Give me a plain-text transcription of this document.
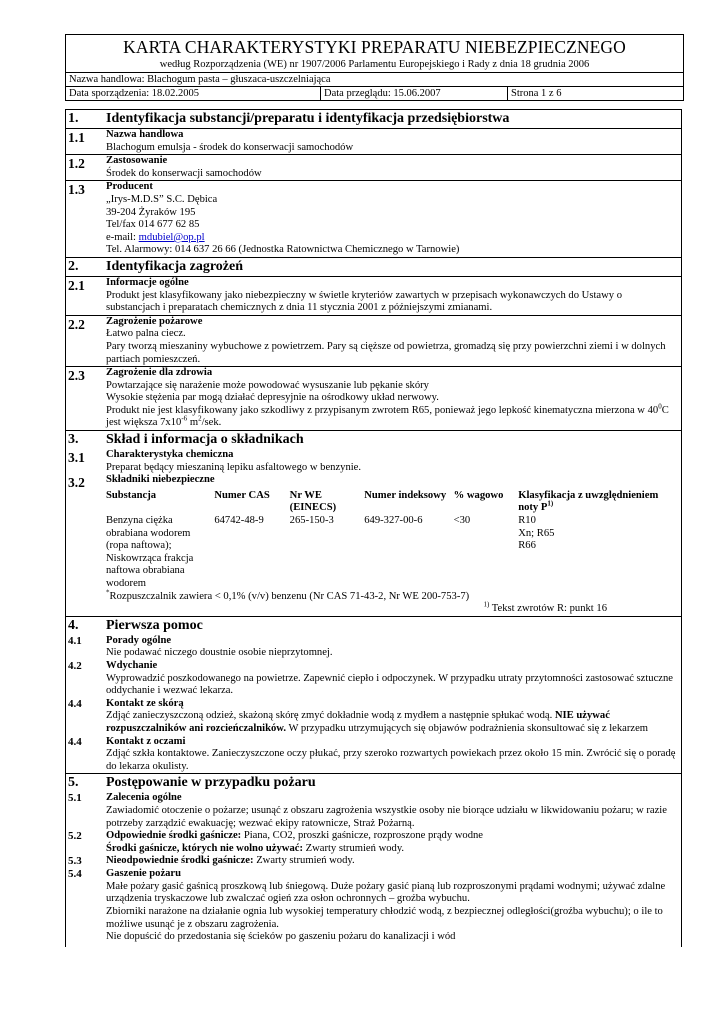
KARTA CHARAKTERYSTYKI PREPARATU NIEBEZPIECZNEGO
według Rozporządzenia (WE) nr 1907/2006 Parlamentu Europejskiego i Rady z dnia 18 grudnia 2006
Nazwa handlowa: Blachogum pasta – głuszaca-uszczelniająca
Data sporządzenia: 18.02.2005	Data przeglądu: 15.06.2007	Strona 1 z 6
1.	Identyfikacja substancji/preparatu i identyfikacja przedsiębiorstwa
1.1	Nazwa handlowa

Blachogum emulsja - środek do konserwacji samochodów

1.2	Zastosowanie

Środek do konserwacji samochodów

1.3	Producent

„Irys-M.D.S” S.C. Dębica

39-204 Żyraków 195

Tel/fax 014 677 62 85

e-mail: mdubiel@op.pl

Tel. Alarmowy: 014 637 26 66 (Jednostka Ratownictwa Chemicznego w Tarnowie)

2.	Identyfikacja zagrożeń
2.1	Informacje ogólne

Produkt jest klasyfikowany jako niebezpieczny w świetle kryteriów zawartych w przepisach wykonawczych do Ustawy o substancjach i preparatach chemicznych z dnia 11 stycznia 2001 z późniejszymi zmianami.

2.2	Zagrożenie pożarowe

Łatwo palna ciecz.

Pary tworzą mieszaniny wybuchowe z powietrzem. Pary są cięższe od powietrza, gromadzą się przy powierzchni ziemi i w dolnych partiach pomieszczeń.

2.3	Zagrożenie dla zdrowia

Powtarzające się narażenie może powodować wysuszanie lub pękanie skóry

Wysokie stężenia par mogą działać depresyjnie na ośrodkowy układ nerwowy.

Produkt nie jest klasyfikowany jako szkodliwy z przypisanym zwrotem R65, ponieważ jego lepkość kinematyczna mierzona w $40^0C$ jest większa $7x10^{-6}$ $m^2$/sek.

3.	Skład i informacja o składnikach
3.1	Charakterystyka chemiczna

Preparat będący mieszaniną lepiku asfaltowego w benzynie.

3.2	Składniki niebezpieczne

Substancja	Numer CAS	Nr WE (EINECS)	Numer indeksowy	% wagowo	Klasyfikacja z uwzględnieniem noty $P^{1)}$
Benzyna ciężka obrabiana wodorem (ropa naftowa); Niskowrząca frakcja naftowa obrabiana wodorem	64742-48-9	265-150-3	649-327-00-6	<30	R10
Xn; R65
R66

*Rozpuszczalnik zawiera < 0,1% (v/v) benzenu (Nr CAS 71-43-2, Nr WE 200-753-7)

$^{1)}$ Tekst zwrotów R: punkt 16

4.	Pierwsza pomoc
4.1	Porady ogólne

Nie podawać niczego doustnie osobie nieprzytomnej.

4.2	Wdychanie

Wyprowadzić poszkodowanego na powietrze. Zapewnić ciepło i odpoczynek. W przypadku utraty przytomności zastosować sztuczne oddychanie i wezwać lekarza.

4.4	Kontakt ze skórą

Zdjąć zanieczyszczoną odzież, skażoną skórę zmyć dokładnie wodą z mydłem a następnie spłukać wodą. NIE używać rozpuszczalników ani rozcieńczalników. W przypadku utrzymujących się objawów podrażnienia skonsultować się z lekarzem

4.4	Kontakt z oczami

Zdjąć szkła kontaktowe. Zanieczyszczone oczy płukać, przy szeroko rozwartych powiekach przez około 15 min. Zwrócić się o poradę do lekarza okulisty.

5.	Postępowanie w przypadku pożaru
5.1	Zalecenia ogólne

Zawiadomić otoczenie o pożarze; usunąć z obszaru zagrożenia wszystkie osoby nie biorące udziału w likwidowaniu pożaru; w razie potrzeby zarządzić ewakuację; wezwać ekipy ratownicze, Straż Pożarną.

5.2	Odpowiednie środki gaśnicze: Piana, CO2, proszki gaśnicze, rozproszone prądy wodne

Środki gaśnicze, których nie wolno używać: Zwarty strumień wody.

5.3	Nieodpowiednie środki gaśnicze: Zwarty strumień wody.

5.4	Gaszenie pożaru

Małe pożary gasić gaśnicą proszkową lub śniegową. Duże pożary gasić pianą lub rozproszonymi prądami wodnymi; używać zdalne urządzenia tryskaczowe lub zwalczać ogień zza osłon ochronnych – groźba wybuchu.

Zbiorniki narażone na działanie ognia lub wysokiej temperatury chłodzić wodą, z bezpiecznej odległości(groźba wybuchu); o ile to możliwe usunąć je z obszaru zagrożenia.

Nie dopuścić do przedostania się ścieków po gaszeniu pożaru do kanalizacji i wód
